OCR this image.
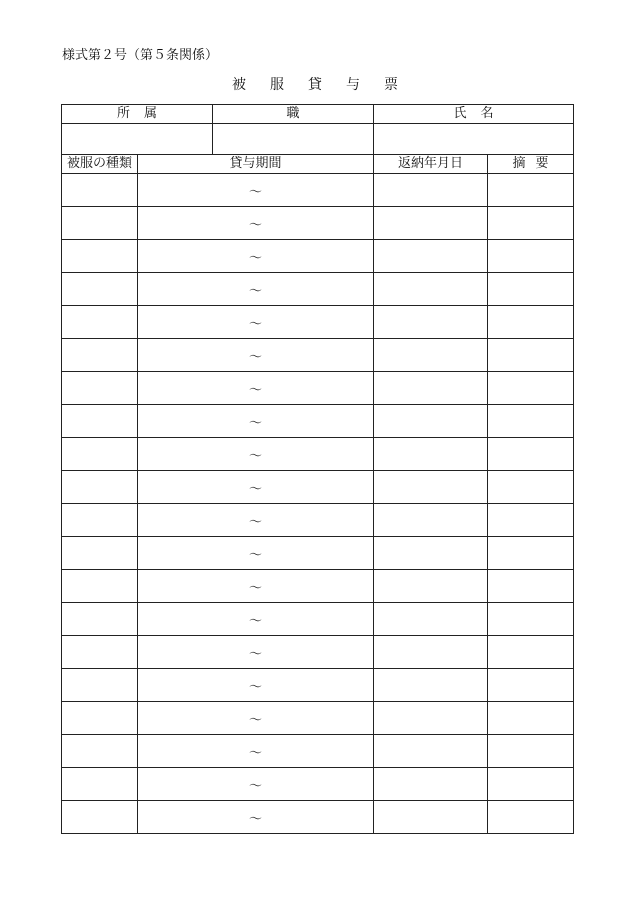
様式第２号（第５条関係）
被服貸与票
所属		職	氏名	

被服の種類	貸与期間		返納年月日	摘要
	～			
	～			
	～			
	～			
	～			
	～			
	～			
	～			
	～			
	～			
	～			
	～			
	～			
	～			
	～			
	～			
	～			
	～			
	～			
	～			
